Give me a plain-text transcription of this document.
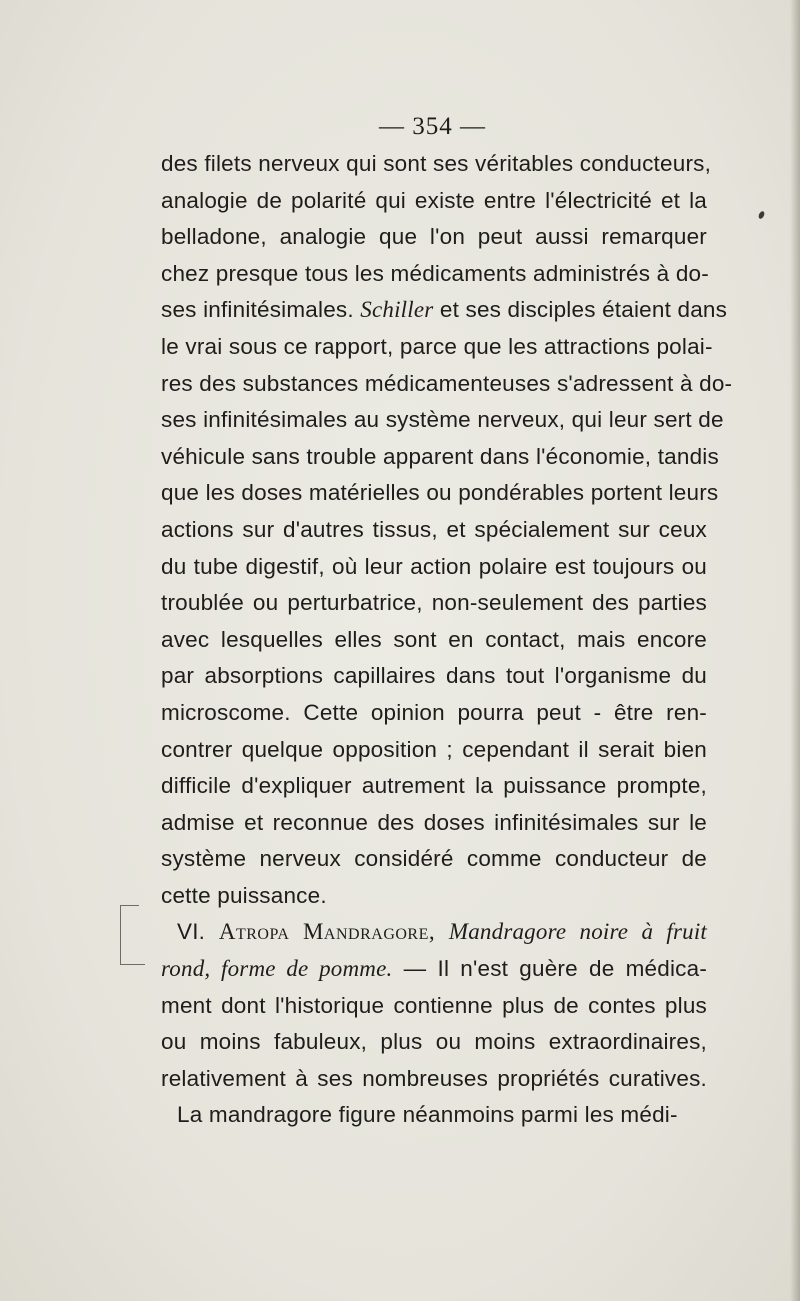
— 354 —
des filets nerveux qui sont ses véritables conducteurs,
analogie de polarité qui existe entre l'électricité et la
belladone, analogie que l'on peut aussi remarquer
chez presque tous les médicaments administrés à do-
ses infinitésimales. Schiller et ses disciples étaient dans
le vrai sous ce rapport, parce que les attractions polai-
res des substances médicamenteuses s'adressent à do-
ses infinitésimales au système nerveux, qui leur sert de
véhicule sans trouble apparent dans l'économie, tandis
que les doses matérielles ou pondérables portent leurs
actions sur d'autres tissus, et spécialement sur ceux
du tube digestif, où leur action polaire est toujours ou
troublée ou perturbatrice, non-seulement des parties
avec lesquelles elles sont en contact, mais encore
par absorptions capillaires dans tout l'organisme du
microscome. Cette opinion pourra peut - être ren-
contrer quelque opposition ; cependant il serait bien
difficile d'expliquer autrement la puissance prompte,
admise et reconnue des doses infinitésimales sur le
système nerveux considéré comme conducteur de
cette puissance.
VI. Atropa Mandragore, Mandragore noire à fruit
rond, forme de pomme. — Il n'est guère de médica-
ment dont l'historique contienne plus de contes plus
ou moins fabuleux, plus ou moins extraordinaires,
relativement à ses nombreuses propriétés curatives.
La mandragore figure néanmoins parmi les médi-
